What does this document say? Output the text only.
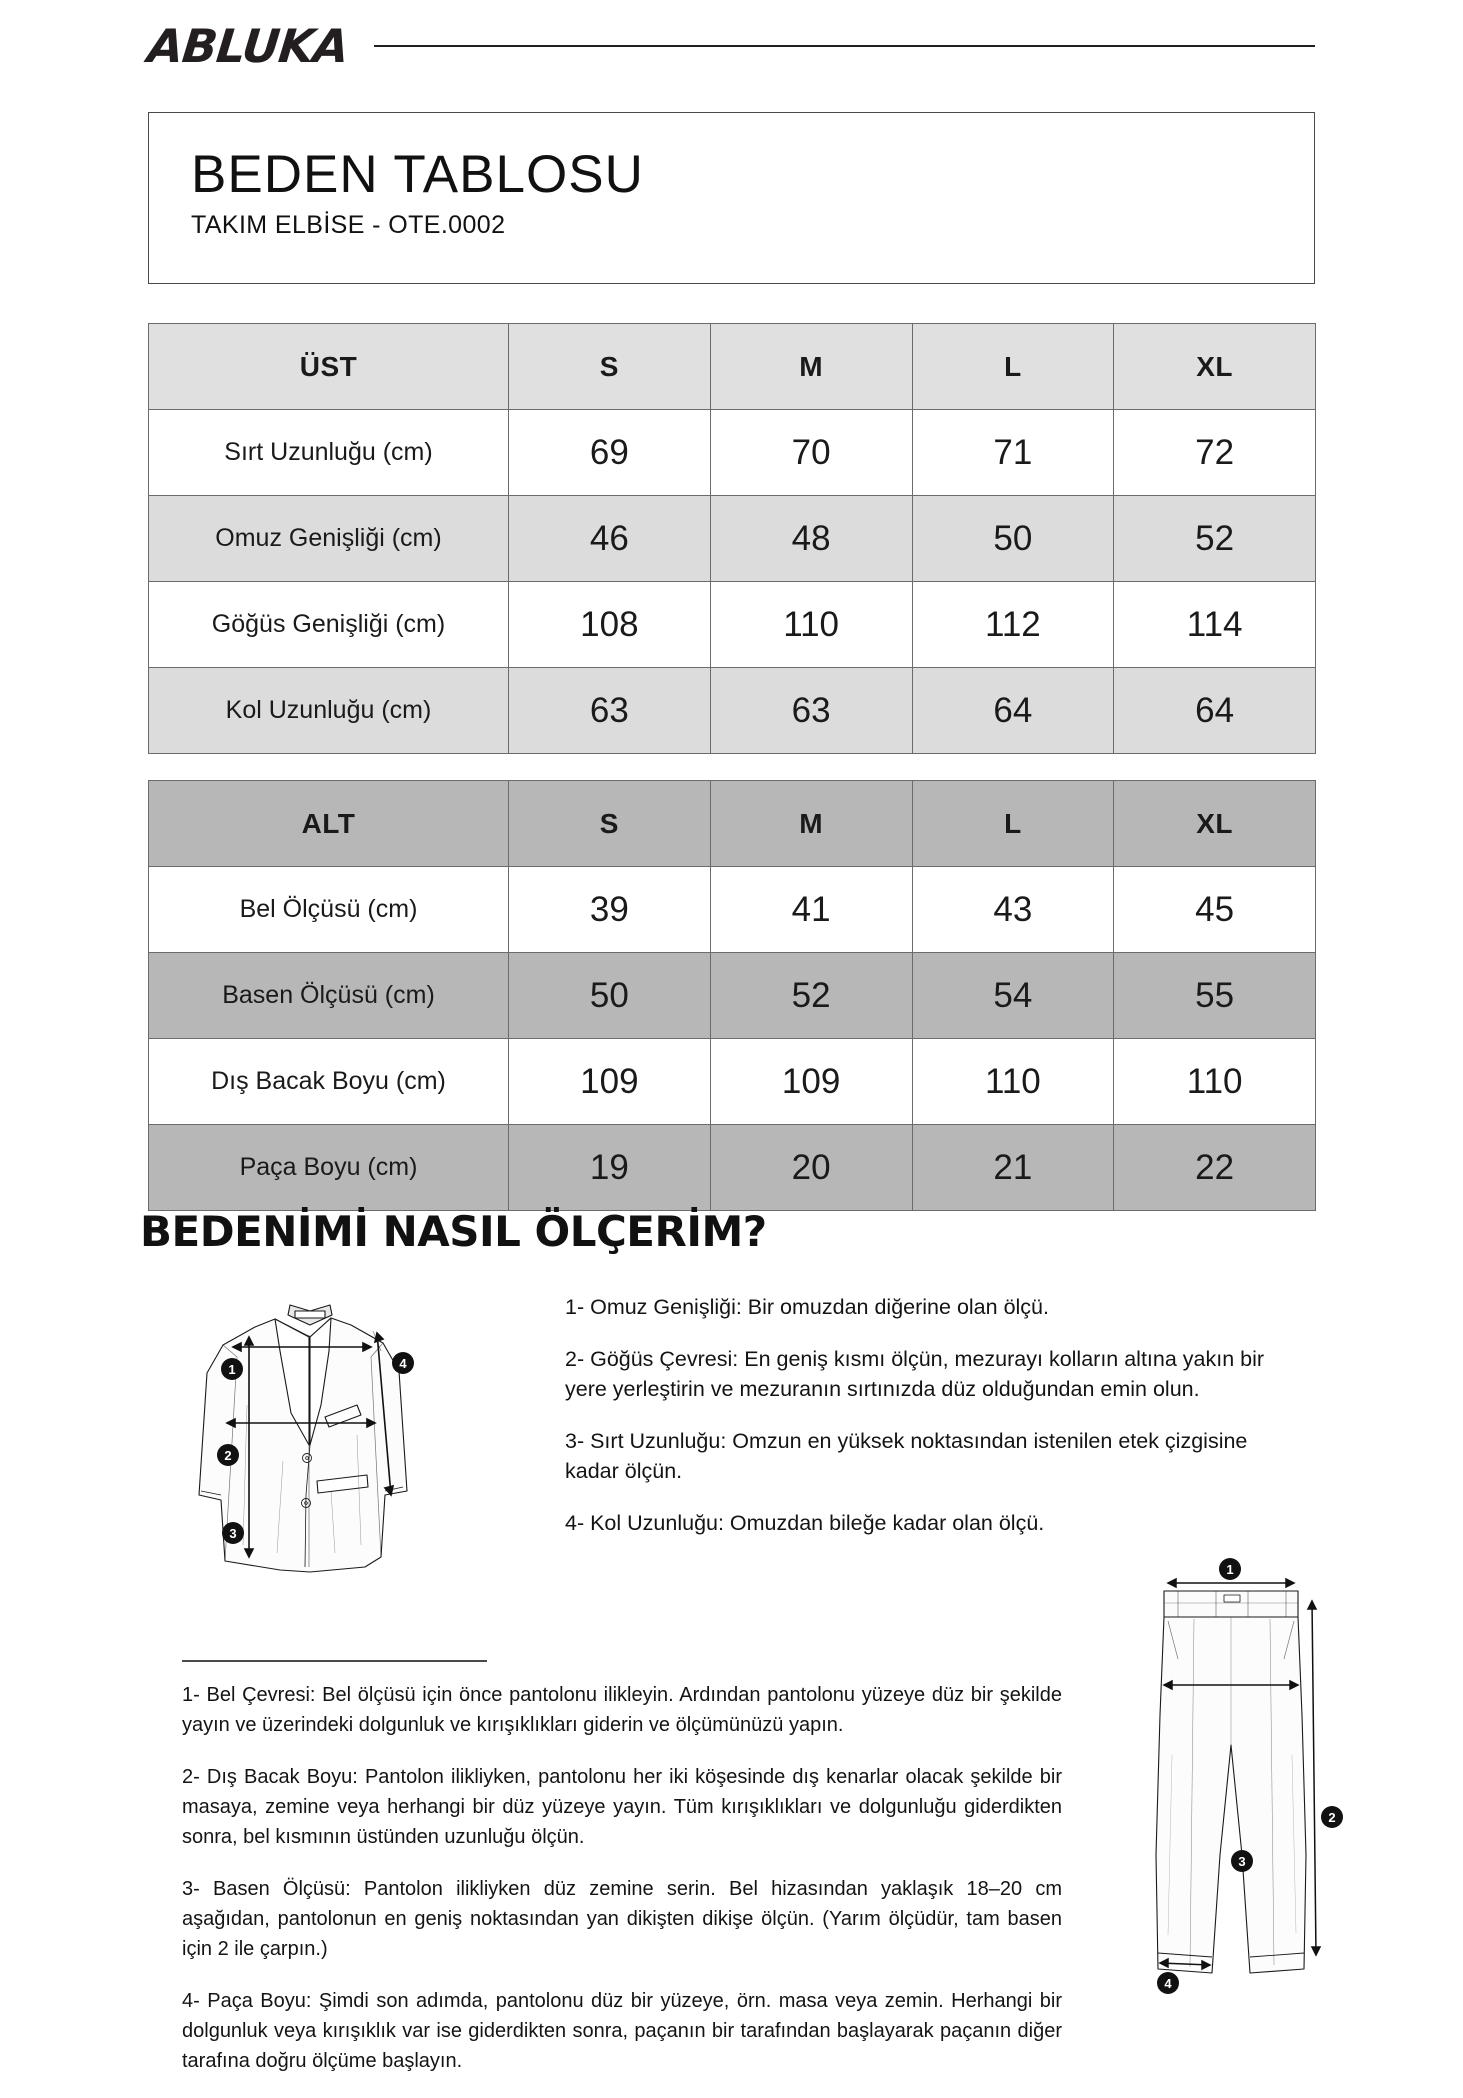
ABLUKA
BEDEN TABLOSU
TAKIM ELBİSE - OTE.0002
ÜST	S	M	L	XL
Sırt Uzunluğu (cm)	69	70	71	72
Omuz Genişliği (cm)	46	48	50	52
Göğüs Genişliği (cm)	108	110	112	114
Kol Uzunluğu (cm)	63	63	64	64
ALT	S	M	L	XL
Bel Ölçüsü (cm)	39	41	43	45
Basen Ölçüsü (cm)	50	52	54	55
Dış Bacak Boyu (cm)	109	109	110	110
Paça Boyu (cm)	19	20	21	22
BEDENİMİ NASIL ÖLÇERİM?
1
2
3
4

1- Omuz Genişliği: Bir omuzdan diğerine olan ölçü.

2- Göğüs Çevresi: En geniş kısmı ölçün, mezurayı kolların altına yakın bir yere yerleştirin ve mezuranın sırtınızda düz olduğundan emin olun.

3- Sırt Uzunluğu: Omzun en yüksek noktasından istenilen etek çizgisine kadar ölçün.

4- Kol Uzunluğu: Omuzdan bileğe kadar olan ölçü.

1
2
3
4

1- Bel Çevresi: Bel ölçüsü için önce pantolonu ilikleyin. Ardından pantolonu yüzeye düz bir şekilde yayın ve üzerindeki dolgunluk ve kırışıklıkları giderin ve ölçümünüzü yapın.

2- Dış Bacak Boyu: Pantolon ilikliyken, pantolonu her iki köşesinde dış kenarlar olacak şekilde bir masaya, zemine veya herhangi bir düz yüzeye yayın. Tüm kırışıklıkları ve dolgunluğu giderdikten sonra, bel kısmının üstünden uzunluğu ölçün.

3- Basen Ölçüsü: Pantolon ilikliyken düz zemine serin. Bel hizasından yaklaşık 18–20 cm aşağıdan, pantolonun en geniş noktasından yan dikişten dikişe ölçün. (Yarım ölçüdür, tam basen için 2 ile çarpın.)

4- Paça Boyu: Şimdi son adımda, pantolonu düz bir yüzeye, örn. masa veya zemin. Herhangi bir dolgunluk veya kırışıklık var ise giderdikten sonra, paçanın bir tarafından başlayarak paçanın diğer tarafına doğru ölçüme başlayın.
